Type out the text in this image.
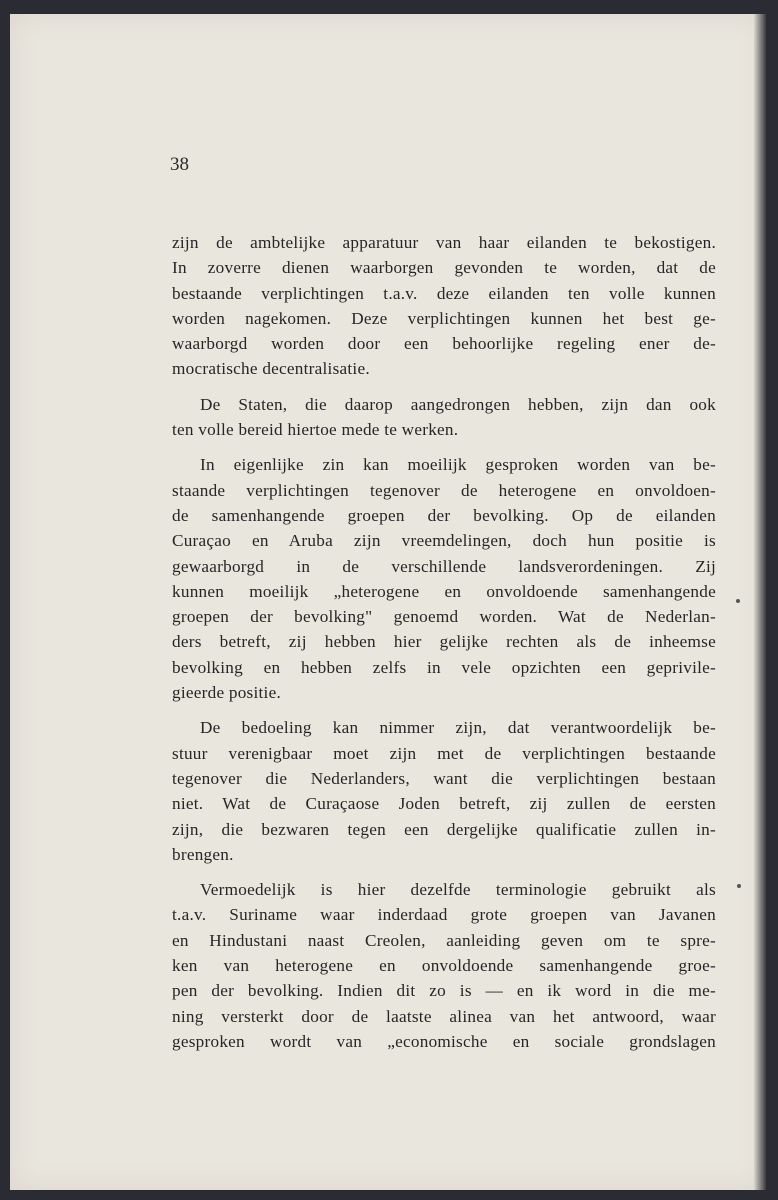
38
zijn de ambtelijke apparatuur van haar eilanden te bekostigen.
In zoverre dienen waarborgen gevonden te worden, dat de
bestaande verplichtingen t.a.v. deze eilanden ten volle kunnen
worden nagekomen. Deze verplichtingen kunnen het best ge-
waarborgd worden door een behoorlijke regeling ener de-
mocratische decentralisatie.
De Staten, die daarop aangedrongen hebben, zijn dan ook
ten volle bereid hiertoe mede te werken.
In eigenlijke zin kan moeilijk gesproken worden van be-
staande verplichtingen tegenover de heterogene en onvoldoen-
de samenhangende groepen der bevolking. Op de eilanden
Curaçao en Aruba zijn vreemdelingen, doch hun positie is
gewaarborgd in de verschillende landsverordeningen. Zij
kunnen moeilijk „heterogene en onvoldoende samenhangende
groepen der bevolking" genoemd worden. Wat de Nederlan-
ders betreft, zij hebben hier gelijke rechten als de inheemse
bevolking en hebben zelfs in vele opzichten een geprivile-
gieerde positie.
De bedoeling kan nimmer zijn, dat verantwoordelijk be-
stuur verenigbaar moet zijn met de verplichtingen bestaande
tegenover die Nederlanders, want die verplichtingen bestaan
niet. Wat de Curaçaose Joden betreft, zij zullen de eersten
zijn, die bezwaren tegen een dergelijke qualificatie zullen in-
brengen.
Vermoedelijk is hier dezelfde terminologie gebruikt als
t.a.v. Suriname waar inderdaad grote groepen van Javanen
en Hindustani naast Creolen, aanleiding geven om te spre-
ken van heterogene en onvoldoende samenhangende groe-
pen der bevolking. Indien dit zo is — en ik word in die me-
ning versterkt door de laatste alinea van het antwoord, waar
gesproken wordt van „economische en sociale grondslagen
